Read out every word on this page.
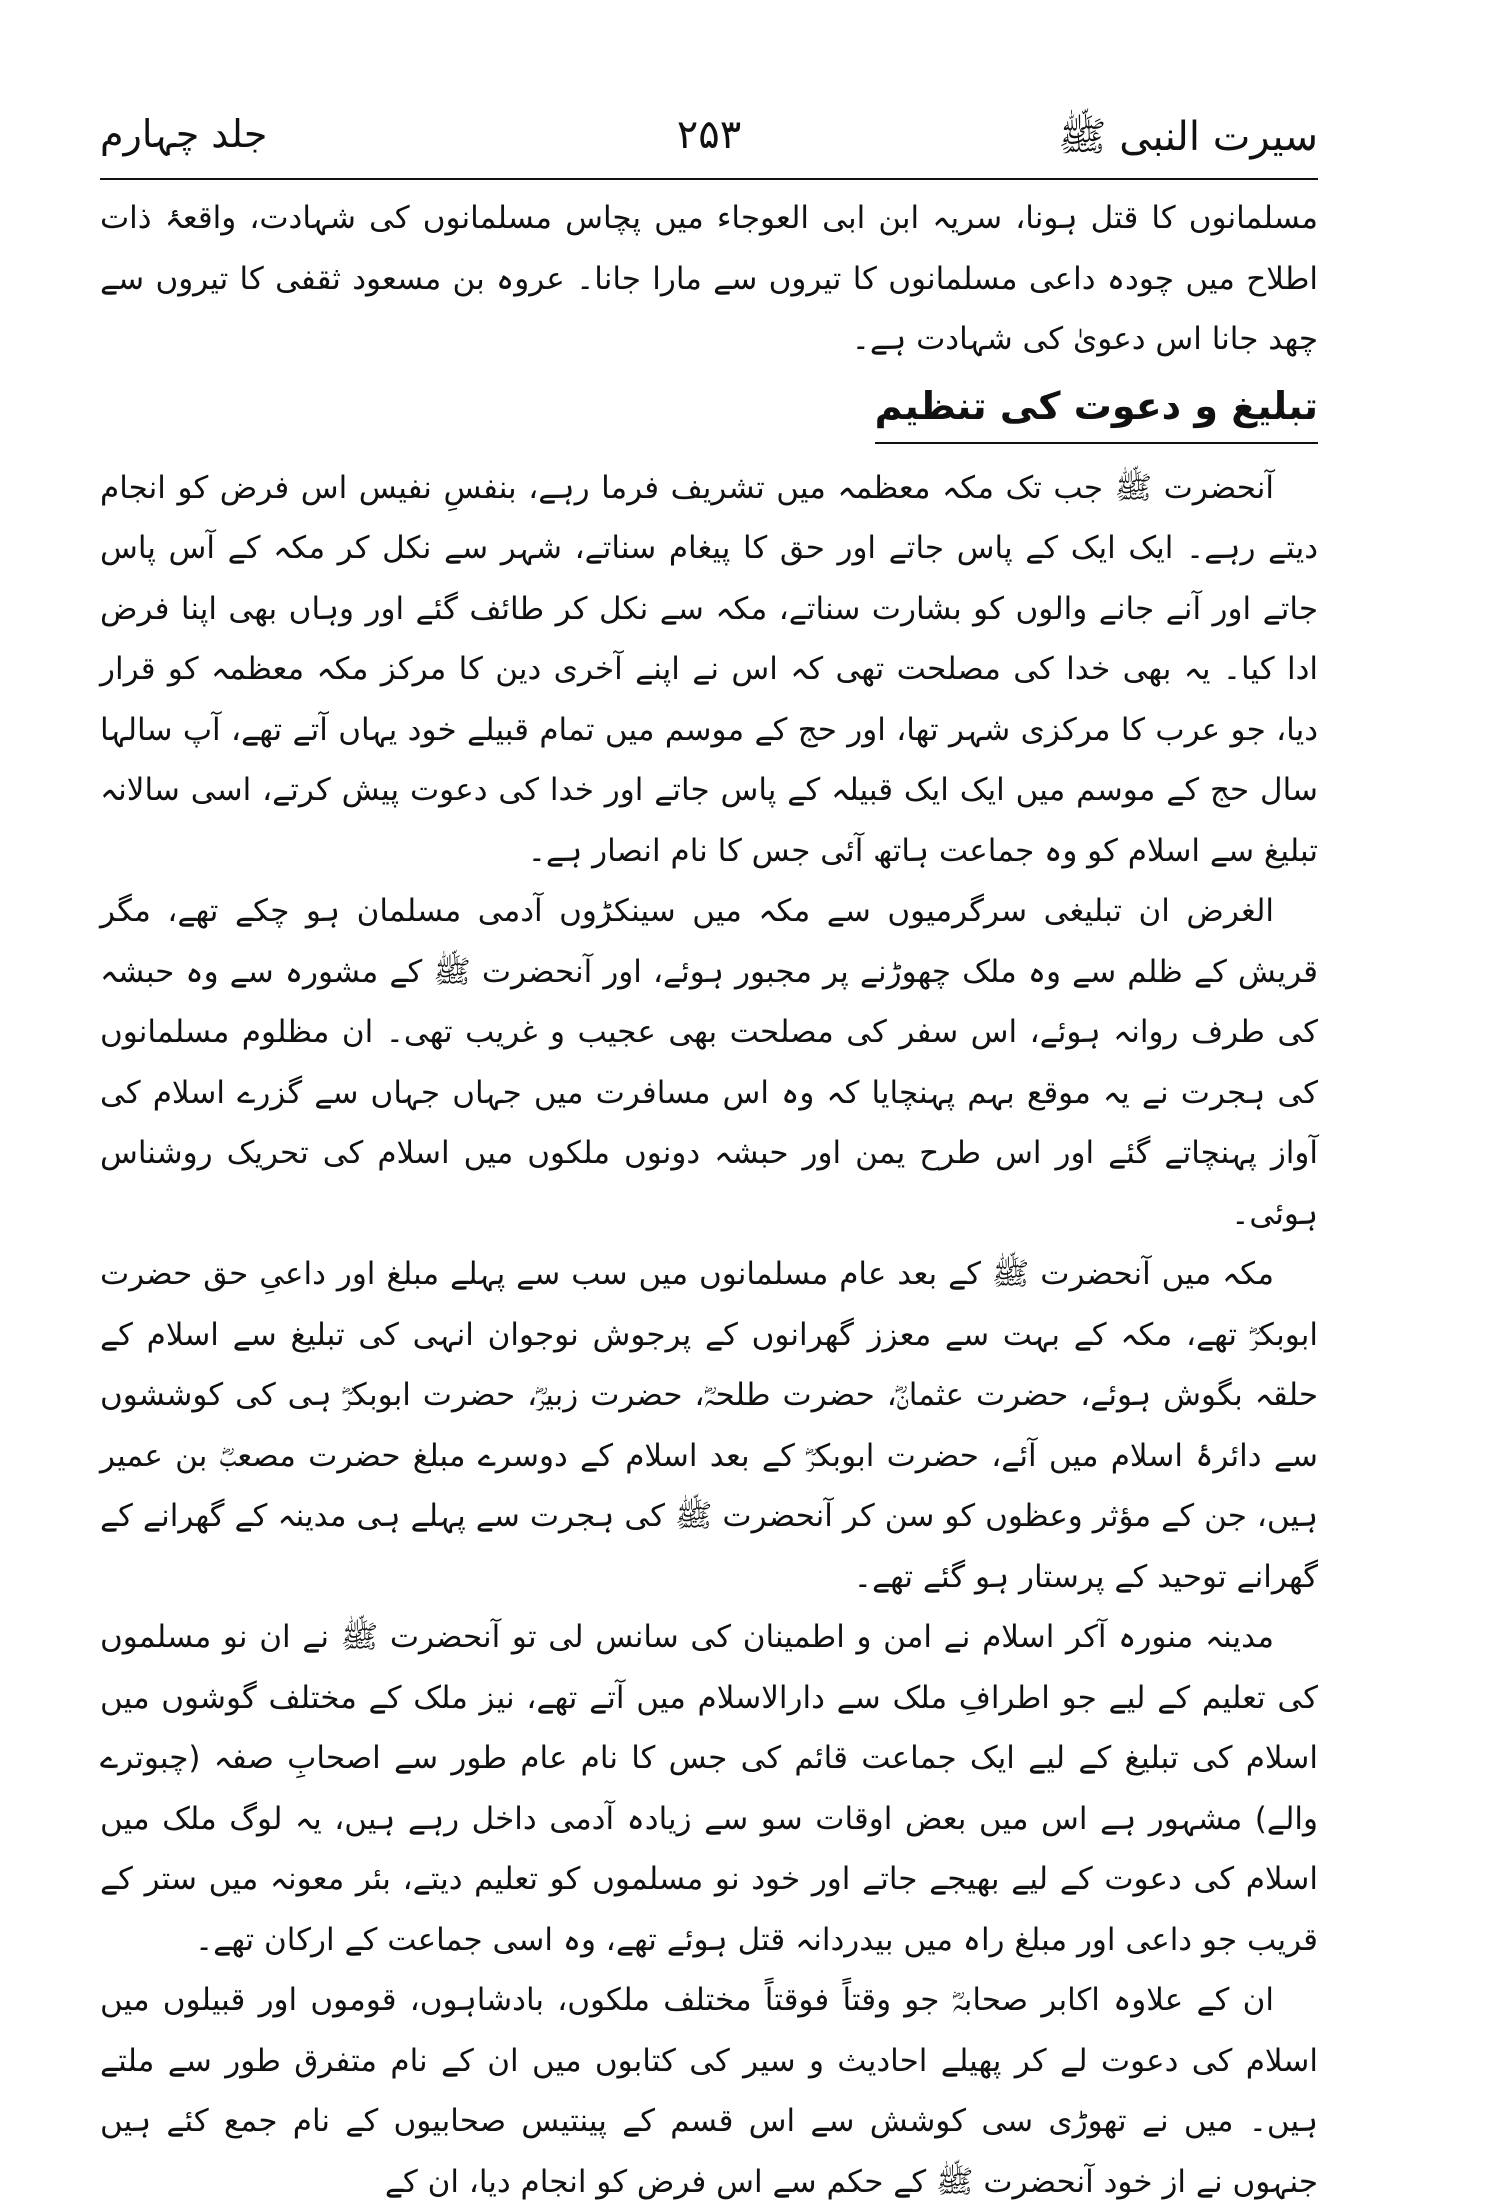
سیرت النبی ﷺ
۲۵۳
جلد چہارم

مسلمانوں کا قتل ہونا، سریہ ابن ابی العوجاء میں پچاس مسلمانوں کی شہادت، واقعۂ ذات اطلاح میں چودہ داعی مسلمانوں کا تیروں سے مارا جانا۔ عروہ بن مسعود ثقفی کا تیروں سے چھد جانا اس دعویٰ کی شہادت ہے۔

تبلیغ و دعوت کی تنظیم

آنحضرت ﷺ جب تک مکہ معظمہ میں تشریف فرما رہے، بنفسِ نفیس اس فرض کو انجام دیتے رہے۔ ایک ایک کے پاس جاتے اور حق کا پیغام سناتے، شہر سے نکل کر مکہ کے آس پاس جاتے اور آنے جانے والوں کو بشارت سناتے، مکہ سے نکل کر طائف گئے اور وہاں بھی اپنا فرض ادا کیا۔ یہ بھی خدا کی مصلحت تھی کہ اس نے اپنے آخری دین کا مرکز مکہ معظمہ کو قرار دیا، جو عرب کا مرکزی شہر تھا، اور حج کے موسم میں تمام قبیلے خود یہاں آتے تھے، آپ سالہا سال حج کے موسم میں ایک ایک قبیلہ کے پاس جاتے اور خدا کی دعوت پیش کرتے، اسی سالانہ تبلیغ سے اسلام کو وہ جماعت ہاتھ آئی جس کا نام انصار ہے۔

الغرض ان تبلیغی سرگرمیوں سے مکہ میں سینکڑوں آدمی مسلمان ہو چکے تھے، مگر قریش کے ظلم سے وہ ملک چھوڑنے پر مجبور ہوئے، اور آنحضرت ﷺ کے مشورہ سے وہ حبشہ کی طرف روانہ ہوئے، اس سفر کی مصلحت بھی عجیب و غریب تھی۔ ان مظلوم مسلمانوں کی ہجرت نے یہ موقع بہم پہنچایا کہ وہ اس مسافرت میں جہاں جہاں سے گزرے اسلام کی آواز پہنچاتے گئے اور اس طرح یمن اور حبشہ دونوں ملکوں میں اسلام کی تحریک روشناس ہوئی۔

مکہ میں آنحضرت ﷺ کے بعد عام مسلمانوں میں سب سے پہلے مبلغ اور داعیِ حق حضرت ابوبکرؓ تھے، مکہ کے بہت سے معزز گھرانوں کے پرجوش نوجوان انہی کی تبلیغ سے اسلام کے حلقہ بگوش ہوئے، حضرت عثمانؓ، حضرت طلحہؓ، حضرت زبیرؓ، حضرت ابوبکرؓ ہی کی کوششوں سے دائرۂ اسلام میں آئے، حضرت ابوبکرؓ کے بعد اسلام کے دوسرے مبلغ حضرت مصعبؓ بن عمیر ہیں، جن کے مؤثر وعظوں کو سن کر آنحضرت ﷺ کی ہجرت سے پہلے ہی مدینہ کے گھرانے کے گھرانے توحید کے پرستار ہو گئے تھے۔

مدینہ منورہ آکر اسلام نے امن و اطمینان کی سانس لی تو آنحضرت ﷺ نے ان نو مسلموں کی تعلیم کے لیے جو اطرافِ ملک سے دارالاسلام میں آتے تھے، نیز ملک کے مختلف گوشوں میں اسلام کی تبلیغ کے لیے ایک جماعت قائم کی جس کا نام عام طور سے اصحابِ صفہ (چبوترے والے) مشہور ہے اس میں بعض اوقات سو سے زیادہ آدمی داخل رہے ہیں، یہ لوگ ملک میں اسلام کی دعوت کے لیے بھیجے جاتے اور خود نو مسلموں کو تعلیم دیتے، بئر معونہ میں ستر کے قریب جو داعی اور مبلغ راہ میں بیدردانہ قتل ہوئے تھے، وہ اسی جماعت کے ارکان تھے۔

ان کے علاوہ اکابر صحابہؓ جو وقتاً فوقتاً مختلف ملکوں، بادشاہوں، قوموں اور قبیلوں میں اسلام کی دعوت لے کر پھیلے احادیث و سیر کی کتابوں میں ان کے نام متفرق طور سے ملتے ہیں۔ میں نے تھوڑی سی کوشش سے اس قسم کے پینتیس صحابیوں کے نام جمع کئے ہیں جنہوں نے از خود آنحضرت ﷺ کے حکم سے اس فرض کو انجام دیا، ان کے
